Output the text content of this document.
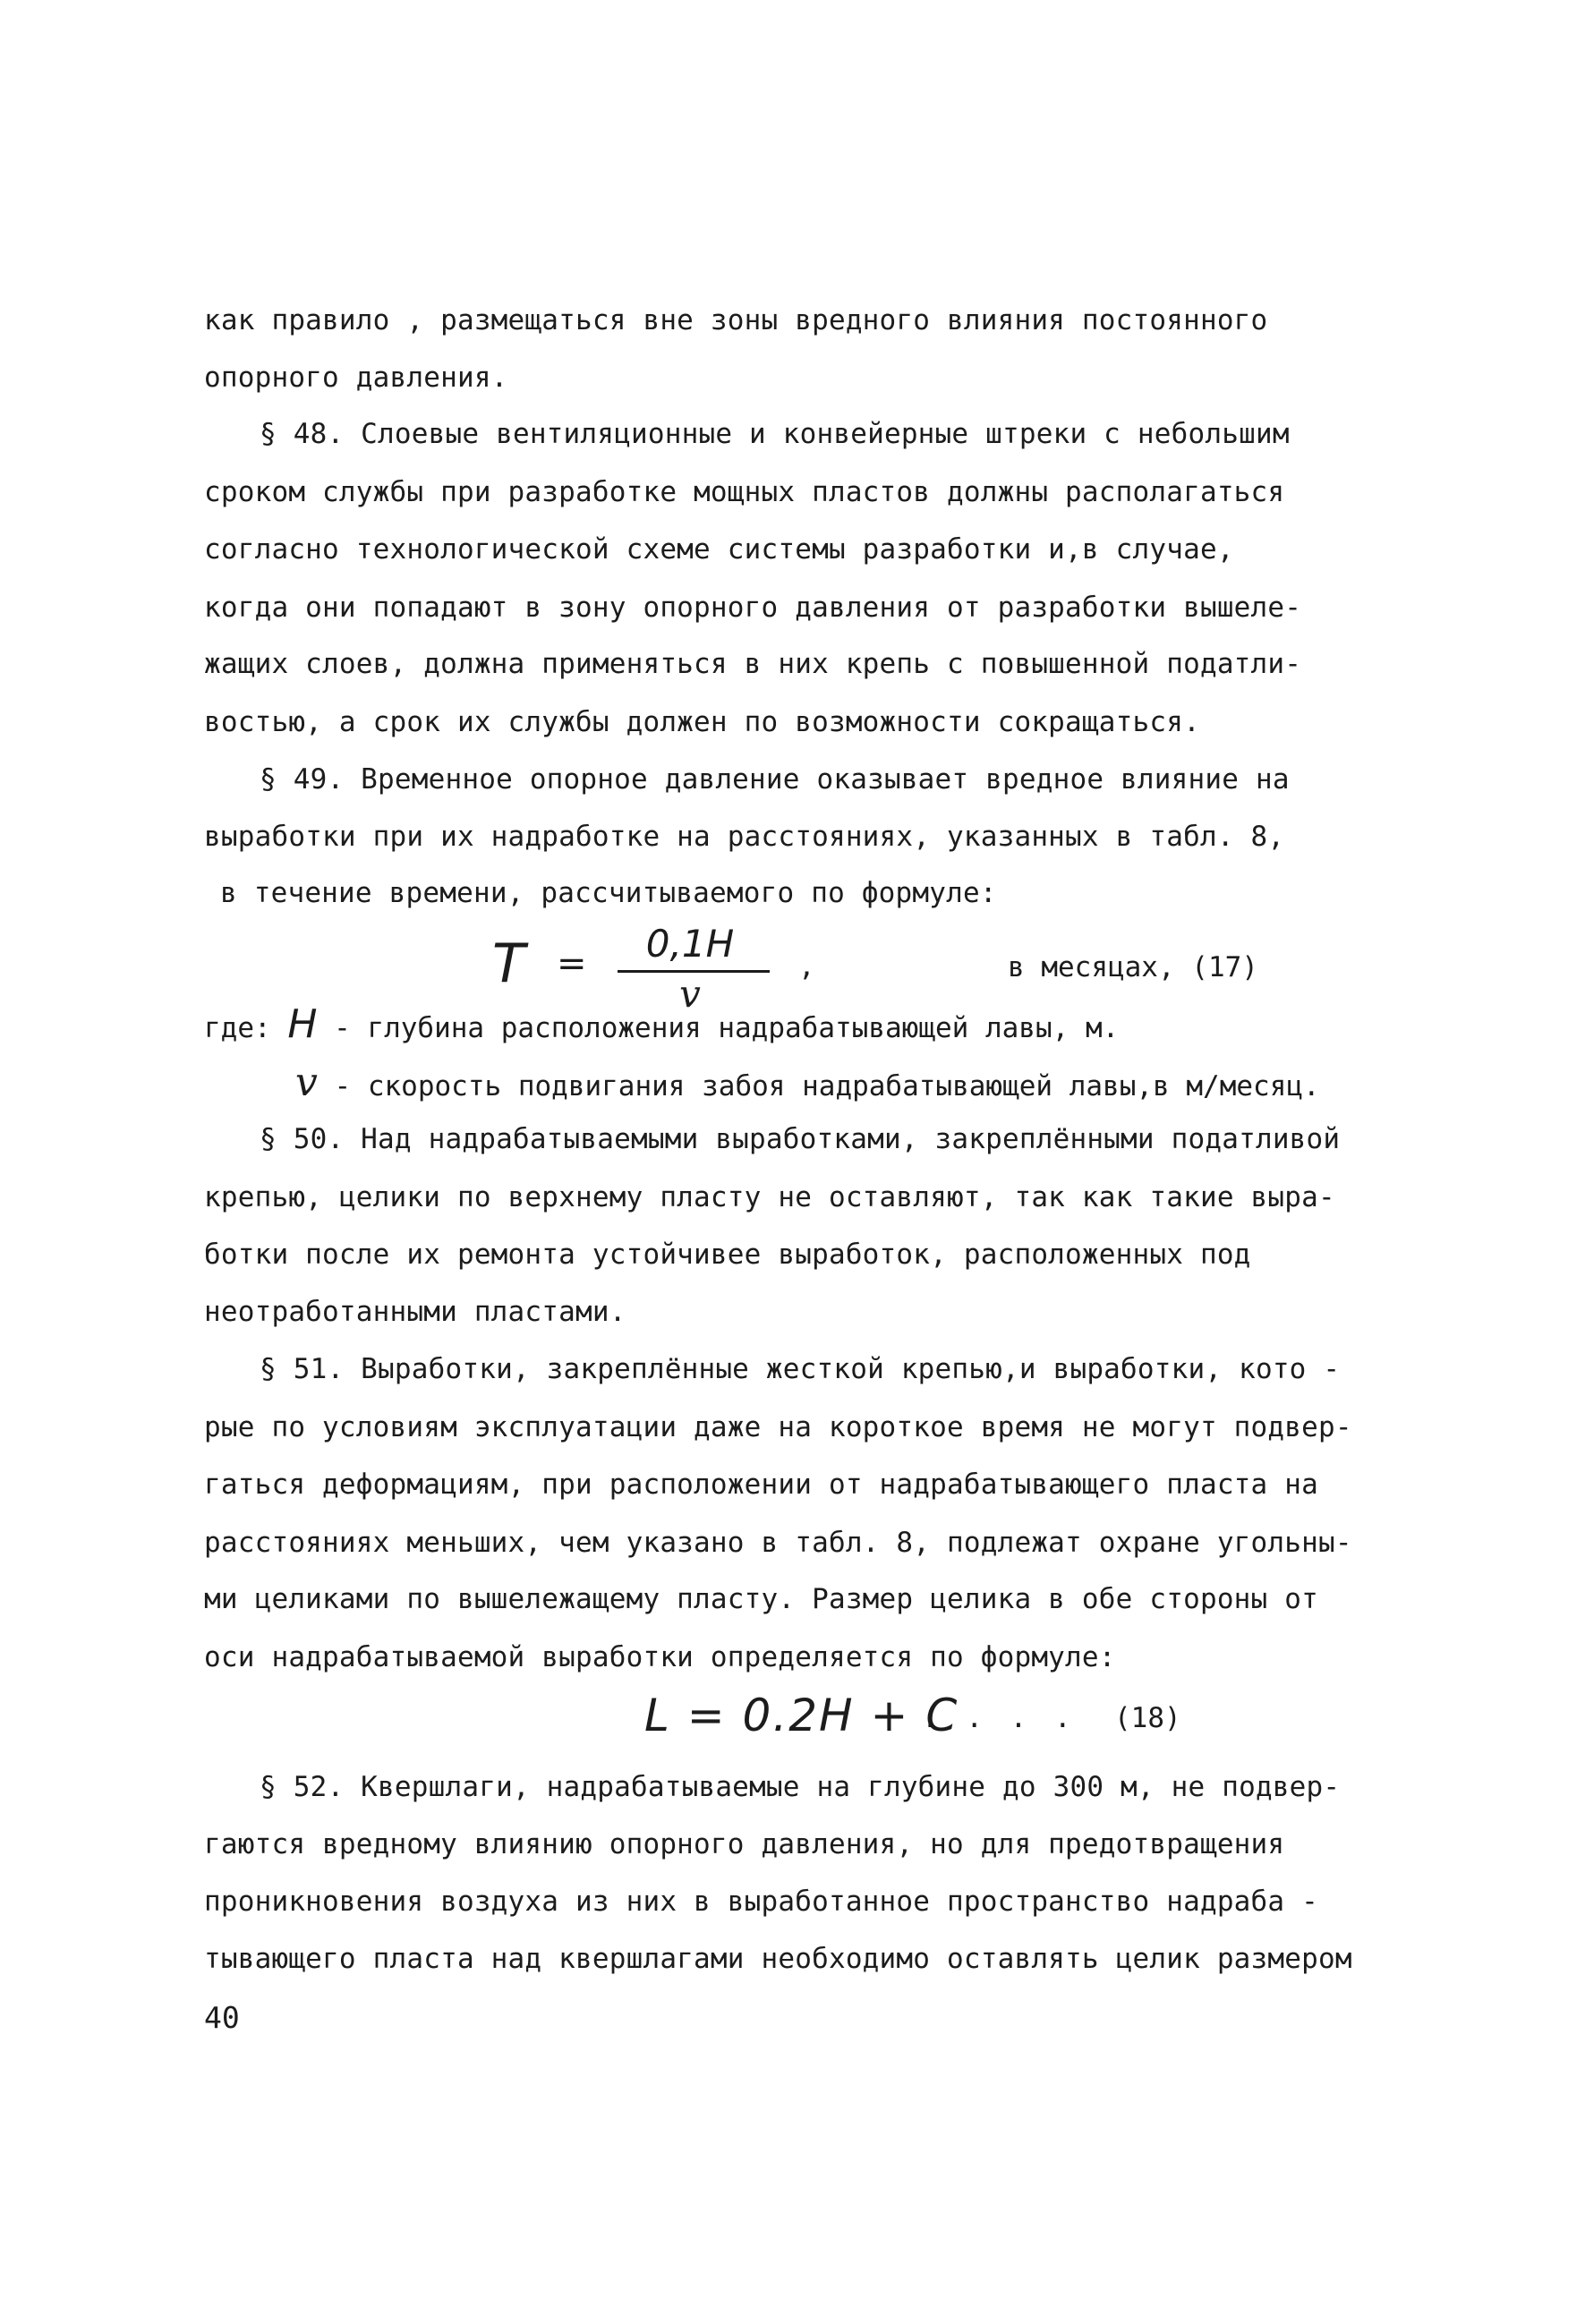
как правило , размещаться вне зоны вредного влияния постоянного
опорного давления.
§ 48. Слоевые вентиляционные и конвейерные штреки с небольшим
сроком службы при разработке мощных пластов должны располагаться
согласно технологической схеме системы разработки и,в случае,
когда они попадают в зону опорного давления от разработки вышеле-
жащих слоев, должна применяться в них крепь с повышенной податли-
востью, а срок их службы должен по возможности сокращаться.
§ 49. Временное опорное давление оказывает вредное влияние на
выработки при их надработке на расстояниях, указанных в табл. 8,
в течение времени, рассчитываемого по формуле:
T =	0,1H
v
,	в месяцах, (17)
где: H - глубина расположения надрабатывающей лавы, м.
v - скорость подвигания забоя надрабатывающей лавы,в м/месяц.
§ 50. Над надрабатываемыми выработками, закреплёнными податливой
крепью, целики по верхнему пласту не оставляют, так как такие выра-
ботки после их ремонта устойчивее выработок, расположенных под
неотработанными пластами.
§ 51. Выработки, закреплённые жесткой крепью,и выработки, кото -
рые по условиям эксплуатации даже на короткое время не могут подвер-
гаться деформациям, при расположении от надрабатывающего пласта на
расстояниях меньших, чем указано в табл. 8, подлежат охране угольны-
ми целиками по вышележащему пласту. Размер целика в обе стороны от
оси надрабатываемой выработки определяется по формуле:
L = 0.2H + C
. . . . (18)
§ 52. Квершлаги, надрабатываемые на глубине до 300 м, не подвер-
гаются вредному влиянию опорного давления, но для предотвращения
проникновения воздуха из них в выработанное пространство надраба -
тывающего пласта над квершлагами необходимо оставлять целик размером
40
